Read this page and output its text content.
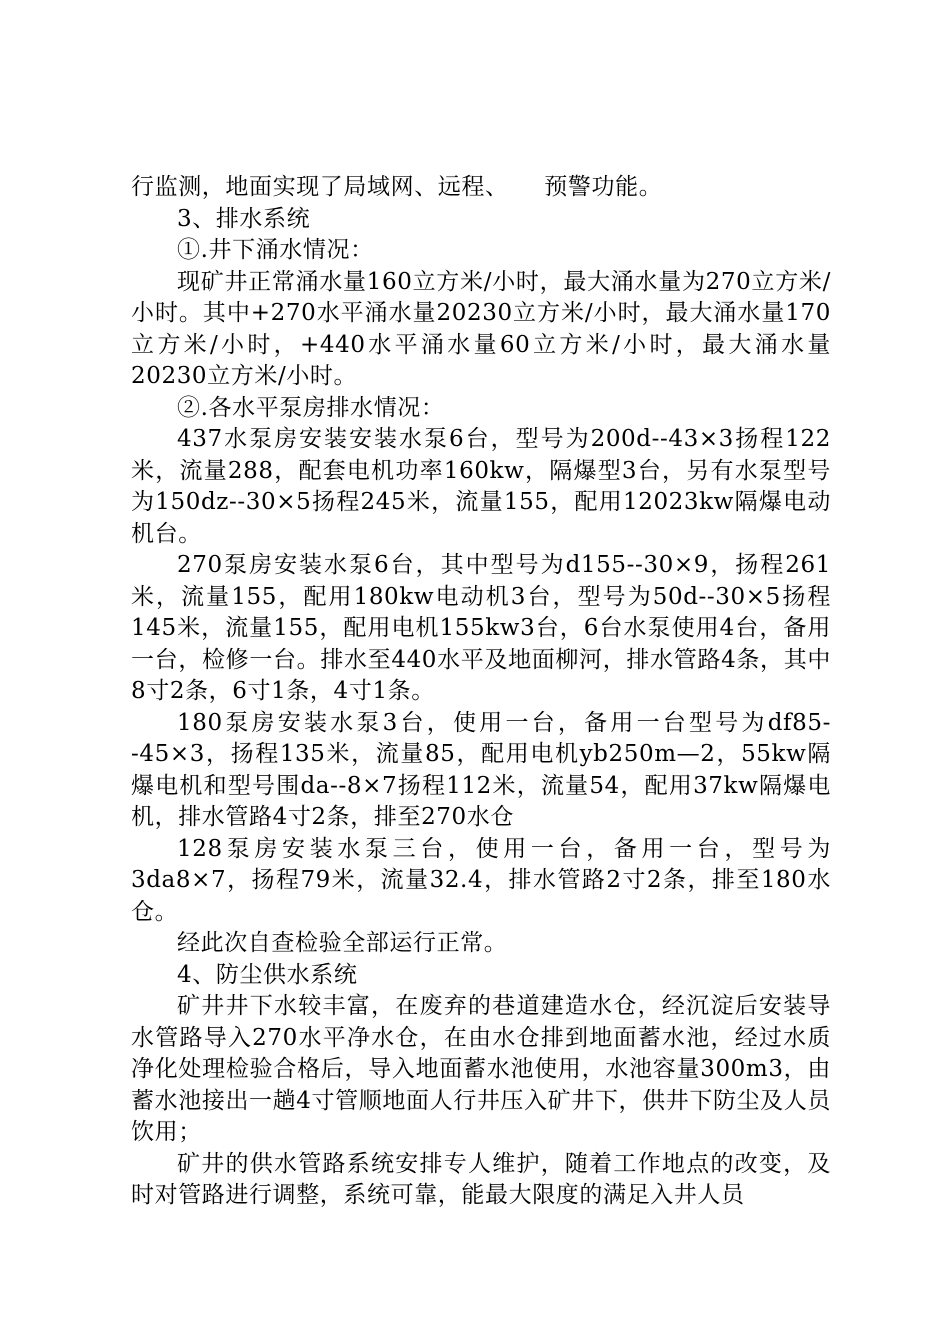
行监测，地面实现了局域网、远程、　　预警功能。

3、排水系统

①.井下涌水情况：

现矿井正常涌水量160立方米/小时，最大涌水量为270立方米/小时。其中+270水平涌水量20230立方米/小时，最大涌水量170立方米/小时，+440水平涌水量60立方米/小时，最大涌水量20230立方米/小时。

②.各水平泵房排水情况：

437水泵房安装安装水泵6台，型号为200d--43×3扬程122米，流量288，配套电机功率160kw，隔爆型3台，另有水泵型号为150dz--30×5扬程245米，流量155，配用12023kw隔爆电动机台。

270泵房安装水泵6台，其中型号为d155--30×9，扬程261米，流量155，配用180kw电动机3台，型号为50d--30×5扬程145米，流量155，配用电机155kw3台，6台水泵使用4台，备用一台，检修一台。排水至440水平及地面柳河，排水管路4条，其中8寸2条，6寸1条，4寸1条。

180泵房安装水泵3台，使用一台，备用一台型号为df85--45×3，扬程135米，流量85，配用电机yb250m—2，55kw隔爆电机和型号围da--8×7扬程112米，流量54，配用37kw隔爆电机，排水管路4寸2条，排至270水仓

128泵房安装水泵三台，使用一台，备用一台，型号为3da8×7，扬程79米，流量32.4，排水管路2寸2条，排至180水仓。

经此次自查检验全部运行正常。

4、防尘供水系统

矿井井下水较丰富，在废弃的巷道建造水仓，经沉淀后安装导水管路导入270水平净水仓，在由水仓排到地面蓄水池，经过水质净化处理检验合格后，导入地面蓄水池使用，水池容量300m3，由蓄水池接出一趟4寸管顺地面人行井压入矿井下，供井下防尘及人员饮用；

矿井的供水管路系统安排专人维护，随着工作地点的改变，及时对管路进行调整，系统可靠，能最大限度的满足入井人员
